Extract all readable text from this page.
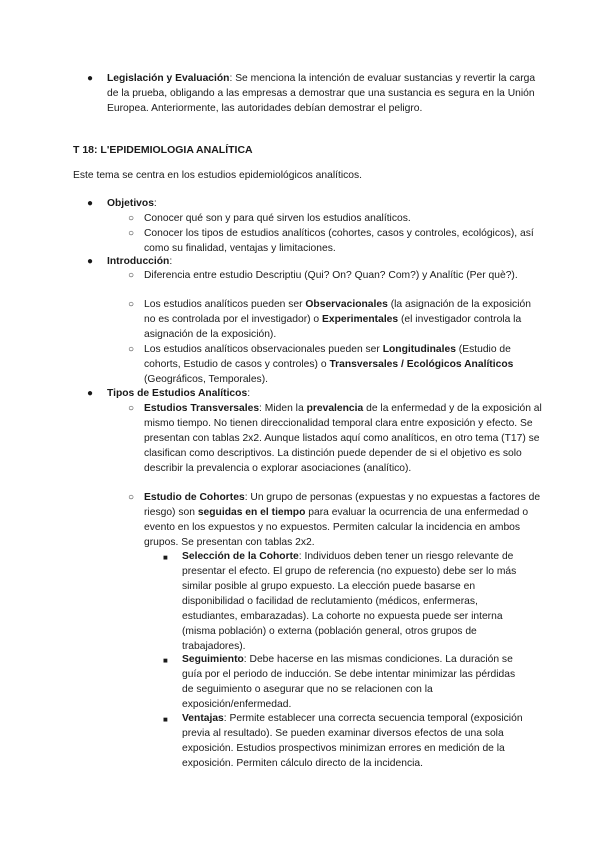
● Legislación y Evaluación: Se menciona la intención de evaluar sustancias y revertir la carga de la prueba, obligando a las empresas a demostrar que una sustancia es segura en la Unión Europea. Anteriormente, las autoridades debían demostrar el peligro.

T 18: L'EPIDEMIOLOGIA ANALÍTICA

Este tema se centra en los estudios epidemiológicos analíticos.

● Objetivos:

○ Conocer qué son y para qué sirven los estudios analíticos.

○ Conocer los tipos de estudios analíticos (cohortes, casos y controles, ecológicos), así como su finalidad, ventajas y limitaciones.

● Introducción:

○ Diferencia entre estudio Descriptiu (Qui? On? Quan? Com?) y Analític (Per què?).

○ Los estudios analíticos pueden ser Observacionales (la asignación de la exposición no es controlada por el investigador) o Experimentales (el investigador controla la asignación de la exposición).

○ Los estudios analíticos observacionales pueden ser Longitudinales (Estudio de cohorts, Estudio de casos y controles) o Transversales / Ecológicos Analíticos (Geográficos, Temporales).

● Tipos de Estudios Analíticos:

○ Estudios Transversales: Miden la prevalencia de la enfermedad y de la exposición al mismo tiempo. No tienen direccionalidad temporal clara entre exposición y efecto. Se presentan con tablas 2x2. Aunque listados aquí como analíticos, en otro tema (T17) se clasifican como descriptivos. La distinción puede depender de si el objetivo es solo describir la prevalencia o explorar asociaciones (analítico).

○ Estudio de Cohortes: Un grupo de personas (expuestas y no expuestas a factores de riesgo) son seguidas en el tiempo para evaluar la ocurrencia de una enfermedad o evento en los expuestos y no expuestos. Permiten calcular la incidencia en ambos grupos. Se presentan con tablas 2x2.

■ Selección de la Cohorte: Individuos deben tener un riesgo relevante de presentar el efecto. El grupo de referencia (no expuesto) debe ser lo más similar posible al grupo expuesto. La elección puede basarse en disponibilidad o facilidad de reclutamiento (médicos, enfermeras, estudiantes, embarazadas). La cohorte no expuesta puede ser interna (misma población) o externa (población general, otros grupos de trabajadores).

■ Seguimiento: Debe hacerse en las mismas condiciones. La duración se guía por el periodo de inducción. Se debe intentar minimizar las pérdidas de seguimiento o asegurar que no se relacionen con la exposición/enfermedad.

■ Ventajas: Permite establecer una correcta secuencia temporal (exposición previa al resultado). Se pueden examinar diversos efectos de una sola exposición. Estudios prospectivos minimizan errores en medición de la exposición. Permiten cálculo directo de la incidencia.
